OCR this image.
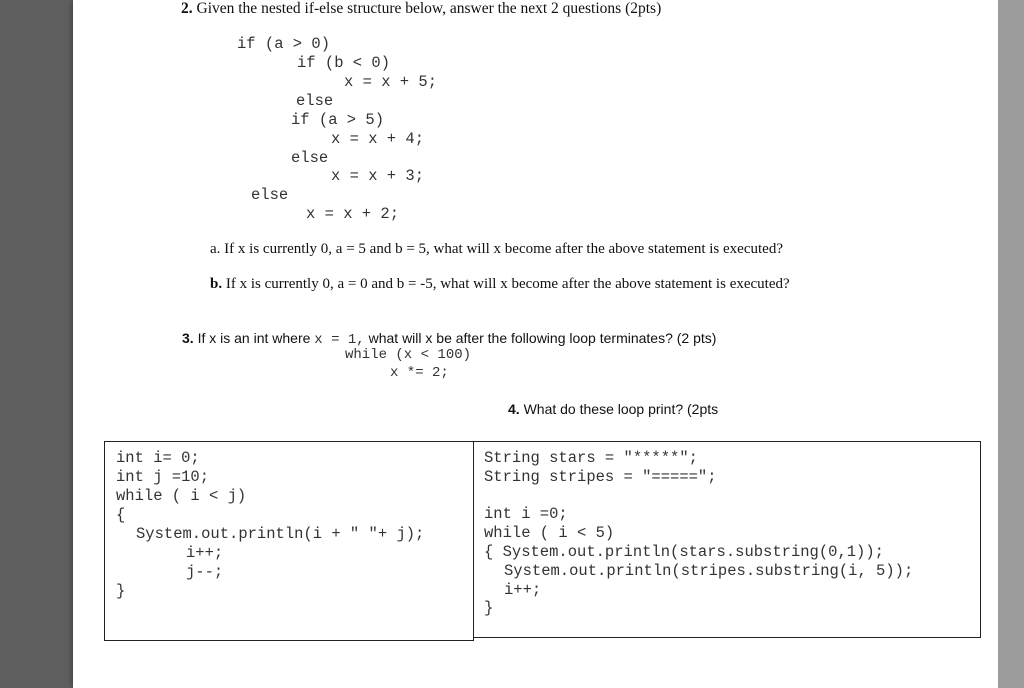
2. Given the nested if-else structure below, answer the next 2 questions (2pts)
if (a > 0)
if (b < 0)
x = x + 5;
else
if (a > 5)
x = x + 4;
else
x = x + 3;
else
x = x + 2;
a. If x is currently 0, a = 5 and b = 5, what will x become after the above statement is executed?
b. If x is currently 0, a = 0 and b = -5, what will x become after the above statement is executed?
3. If x is an int where x = 1, what will x be after the following loop terminates? (2 pts)
while (x < 100)
x *= 2;
4. What do these loop print? (2pts
int i= 0;
int j =10;
while ( i < j)
{
System.out.println(i + " "+ j);
i++;
j--;
}
String stars = "*****";
String stripes = "=====";
int i =0;
while ( i < 5)
{ System.out.println(stars.substring(0,1));
System.out.println(stripes.substring(i, 5));
i++;
}
